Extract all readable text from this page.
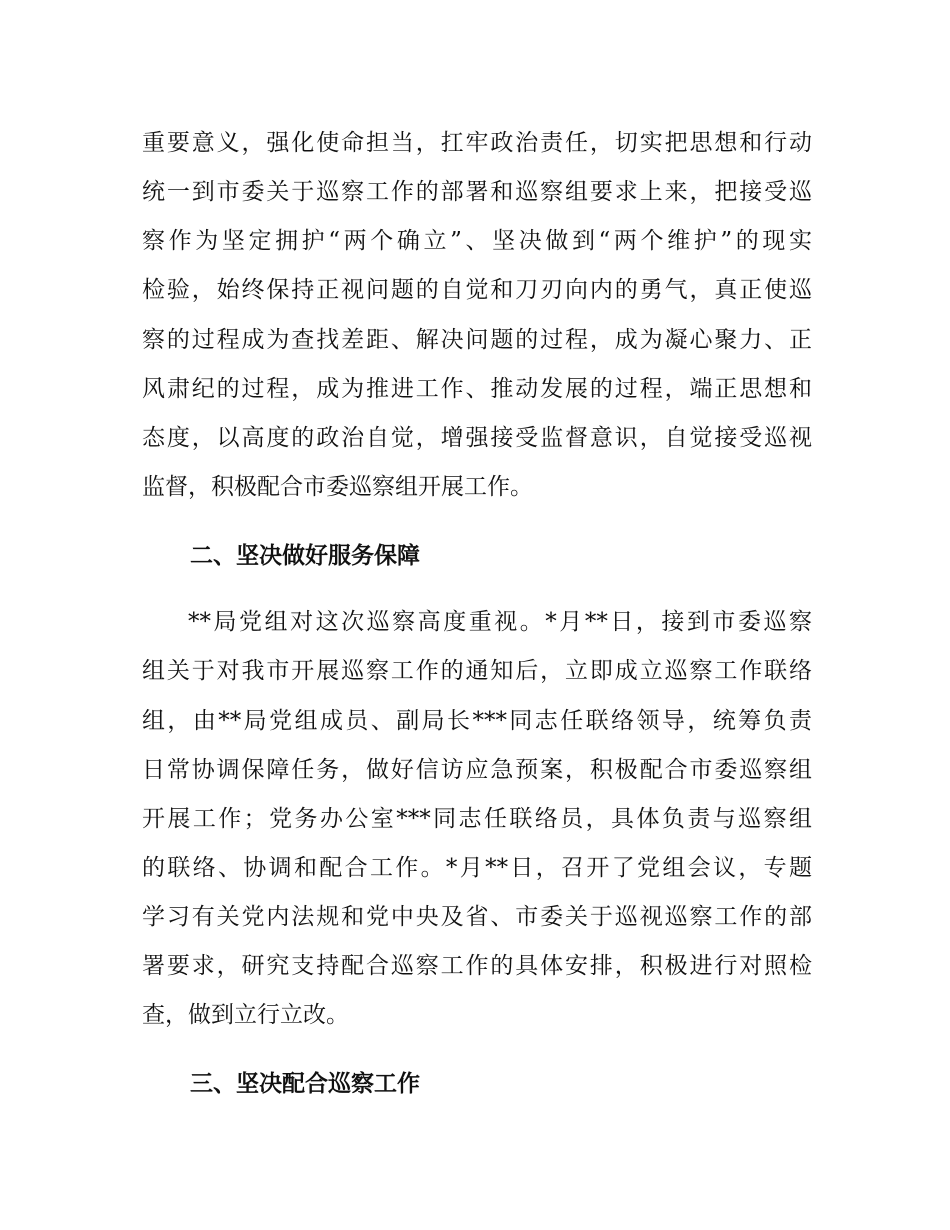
重要意义，强化使命担当，扛牢政治责任，切实把思想和行动
统一到市委关于巡察工作的部署和巡察组要求上来，把接受巡
察作为坚定拥护“两个确立”、坚决做到“两个维护”的现实
检验，始终保持正视问题的自觉和刀刃向内的勇气，真正使巡
察的过程成为查找差距、解决问题的过程，成为凝心聚力、正
风肃纪的过程，成为推进工作、推动发展的过程，端正思想和
态度，以高度的政治自觉，增强接受监督意识，自觉接受巡视
监督，积极配合市委巡察组开展工作。
二、坚决做好服务保障
**局党组对这次巡察高度重视。*月**日，接到市委巡察
组关于对我市开展巡察工作的通知后，立即成立巡察工作联络
组，由**局党组成员、副局长***同志任联络领导，统筹负责
日常协调保障任务，做好信访应急预案，积极配合市委巡察组
开展工作；党务办公室***同志任联络员，具体负责与巡察组
的联络、协调和配合工作。*月**日，召开了党组会议，专题
学习有关党内法规和党中央及省、市委关于巡视巡察工作的部
署要求，研究支持配合巡察工作的具体安排，积极进行对照检
查，做到立行立改。
三、坚决配合巡察工作
